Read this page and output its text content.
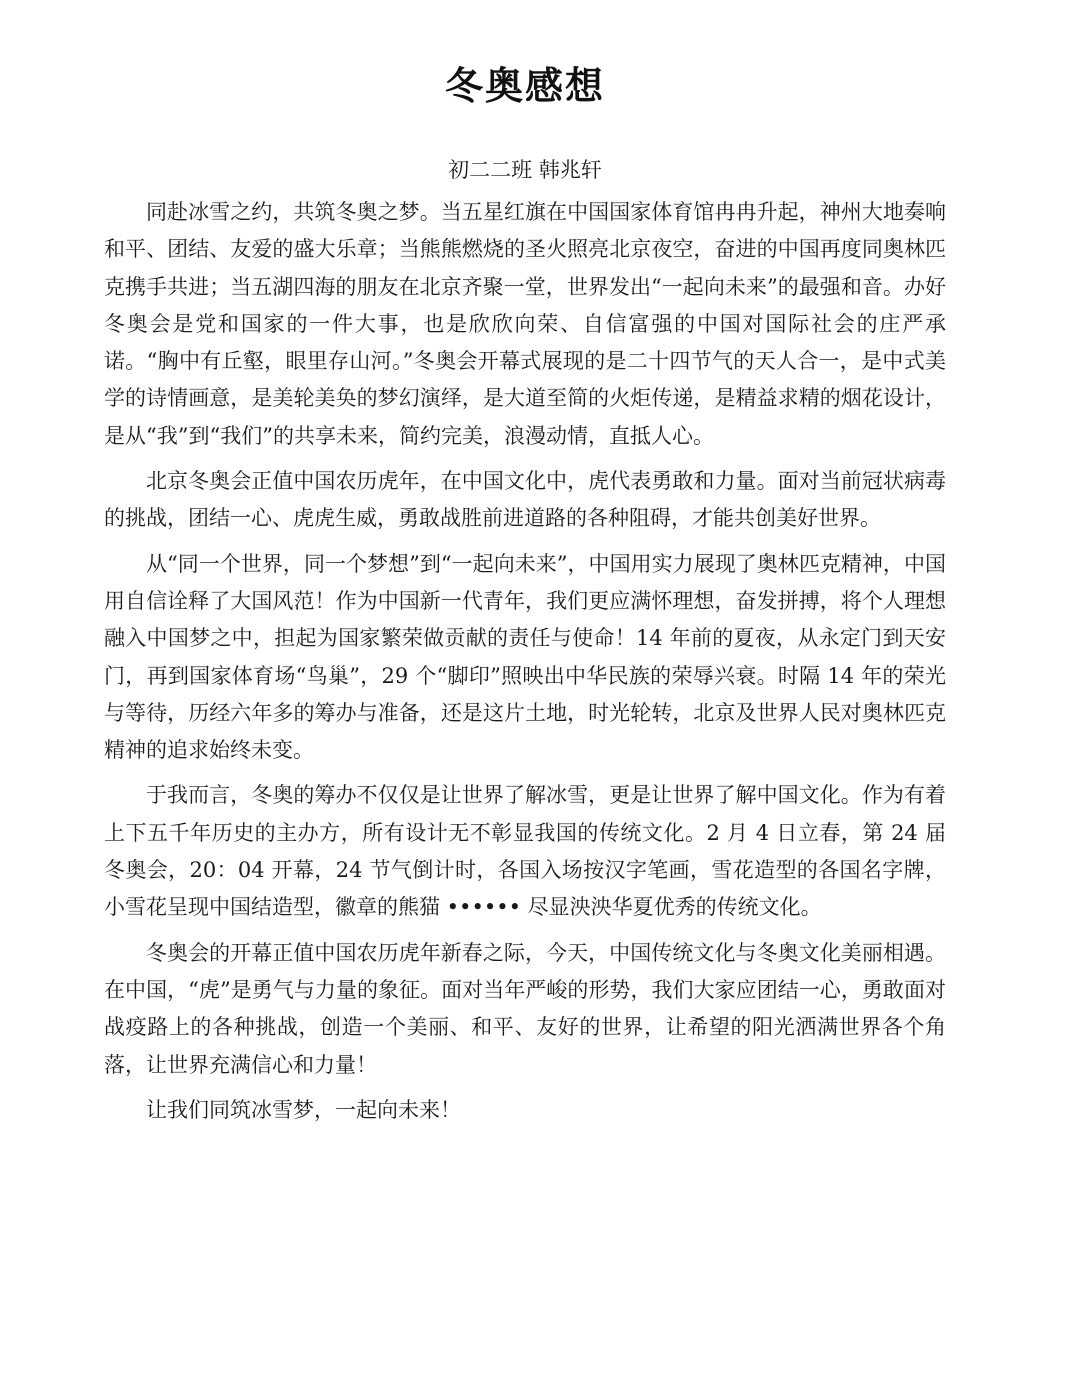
冬奥感想

初二二班 韩兆轩

同赴冰雪之约，共筑冬奥之梦。当五星红旗在中国国家体育馆冉冉升起，神州大地奏响和平、团结、友爱的盛大乐章；当熊熊燃烧的圣火照亮北京夜空，奋进的中国再度同奥林匹克携手共进；当五湖四海的朋友在北京齐聚一堂，世界发出“一起向未来”的最强和音。办好冬奥会是党和国家的一件大事，也是欣欣向荣、自信富强的中国对国际社会的庄严承诺。“胸中有丘壑，眼里存山河。”冬奥会开幕式展现的是二十四节气的天人合一，是中式美学的诗情画意，是美轮美奂的梦幻演绎，是大道至简的火炬传递，是精益求精的烟花设计，是从“我”到“我们”的共享未来，简约完美，浪漫动情，直抵人心。

北京冬奥会正值中国农历虎年，在中国文化中，虎代表勇敢和力量。面对当前冠状病毒的挑战，团结一心、虎虎生威，勇敢战胜前进道路的各种阻碍，才能共创美好世界。

从“同一个世界，同一个梦想”到“一起向未来”，中国用实力展现了奥林匹克精神，中国用自信诠释了大国风范！作为中国新一代青年，我们更应满怀理想，奋发拼搏，将个人理想融入中国梦之中，担起为国家繁荣做贡献的责任与使命！14 年前的夏夜，从永定门到天安门，再到国家体育场“鸟巢”，29 个“脚印”照映出中华民族的荣辱兴衰。时隔 14 年的荣光与等待，历经六年多的筹办与准备，还是这片土地，时光轮转，北京及世界人民对奥林匹克精神的追求始终未变。

于我而言，冬奥的筹办不仅仅是让世界了解冰雪，更是让世界了解中国文化。作为有着上下五千年历史的主办方，所有设计无不彰显我国的传统文化。2 月 4 日立春，第 24 届冬奥会，20：04 开幕，24 节气倒计时，各国入场按汉字笔画，雪花造型的各国名字牌，小雪花呈现中国结造型，徽章的熊猫 •••••• 尽显泱泱华夏优秀的传统文化。

冬奥会的开幕正值中国农历虎年新春之际，今天，中国传统文化与冬奥文化美丽相遇。在中国，“虎”是勇气与力量的象征。面对当年严峻的形势，我们大家应团结一心，勇敢面对战疫路上的各种挑战，创造一个美丽、和平、友好的世界，让希望的阳光洒满世界各个角落，让世界充满信心和力量！

让我们同筑冰雪梦，一起向未来！
